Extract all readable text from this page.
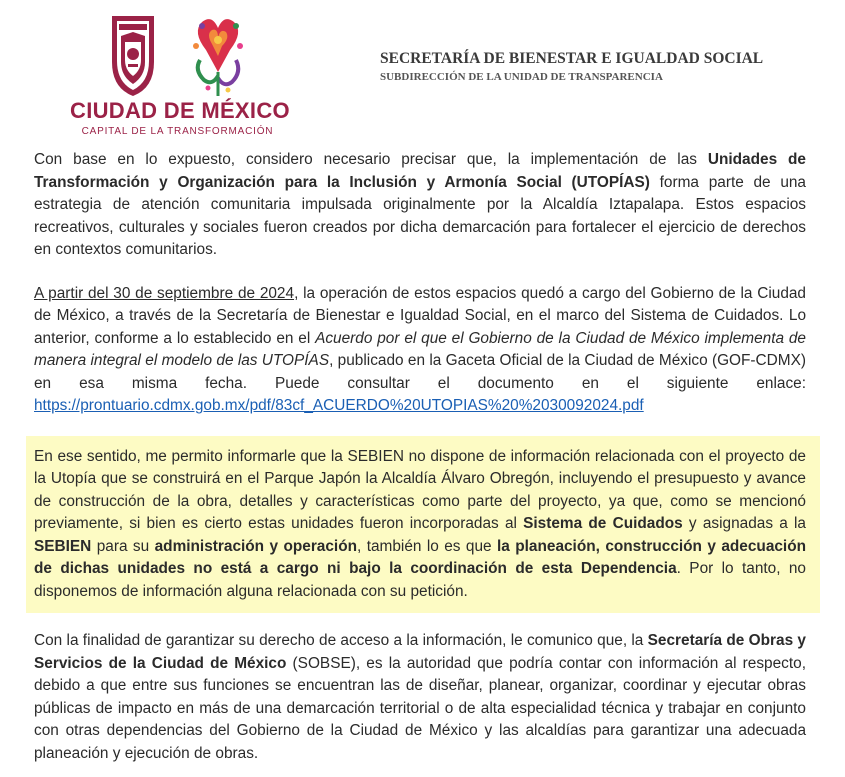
CIUDAD DE MÉXICO
CAPITAL DE LA TRANSFORMACIÓN
SECRETARÍA DE BIENESTAR E IGUALDAD SOCIAL
SUBDIRECCIÓN DE LA UNIDAD DE TRANSPARENCIA

Con base en lo expuesto, considero necesario precisar que, la implementación de las Unidades de Transformación y Organización para la Inclusión y Armonía Social (UTOPÍAS) forma parte de una estrategia de atención comunitaria impulsada originalmente por la Alcaldía Iztapalapa. Estos espacios recreativos, culturales y sociales fueron creados por dicha demarcación para fortalecer el ejercicio de derechos en contextos comunitarios.

A partir del 30 de septiembre de 2024, la operación de estos espacios quedó a cargo del Gobierno de la Ciudad de México, a través de la Secretaría de Bienestar e Igualdad Social, en el marco del Sistema de Cuidados. Lo anterior, conforme a lo establecido en el Acuerdo por el que el Gobierno de la Ciudad de México implementa de manera integral el modelo de las UTOPÍAS, publicado en la Gaceta Oficial de la Ciudad de México (GOF-CDMX) en esa misma fecha. Puede consultar el documento en el siguiente enlace: https://prontuario.cdmx.gob.mx/pdf/83cf_ACUERDO%20UTOPIAS%20%2030092024.pdf

En ese sentido, me permito informarle que la SEBIEN no dispone de información relacionada con el proyecto de la Utopía que se construirá en el Parque Japón la Alcaldía Álvaro Obregón, incluyendo el presupuesto y avance de construcción de la obra, detalles y características como parte del proyecto, ya que, como se mencionó previamente, si bien es cierto estas unidades fueron incorporadas al Sistema de Cuidados y asignadas a la SEBIEN para su administración y operación, también lo es que la planeación, construcción y adecuación de dichas unidades no está a cargo ni bajo la coordinación de esta Dependencia. Por lo tanto, no disponemos de información alguna relacionada con su petición.

Con la finalidad de garantizar su derecho de acceso a la información, le comunico que, la Secretaría de Obras y Servicios de la Ciudad de México (SOBSE), es la autoridad que podría contar con información al respecto, debido a que entre sus funciones se encuentran las de diseñar, planear, organizar, coordinar y ejecutar obras públicas de impacto en más de una demarcación territorial o de alta especialidad técnica y trabajar en conjunto con otras dependencias del Gobierno de la Ciudad de México y las alcaldías para garantizar una adecuada planeación y ejecución de obras.
